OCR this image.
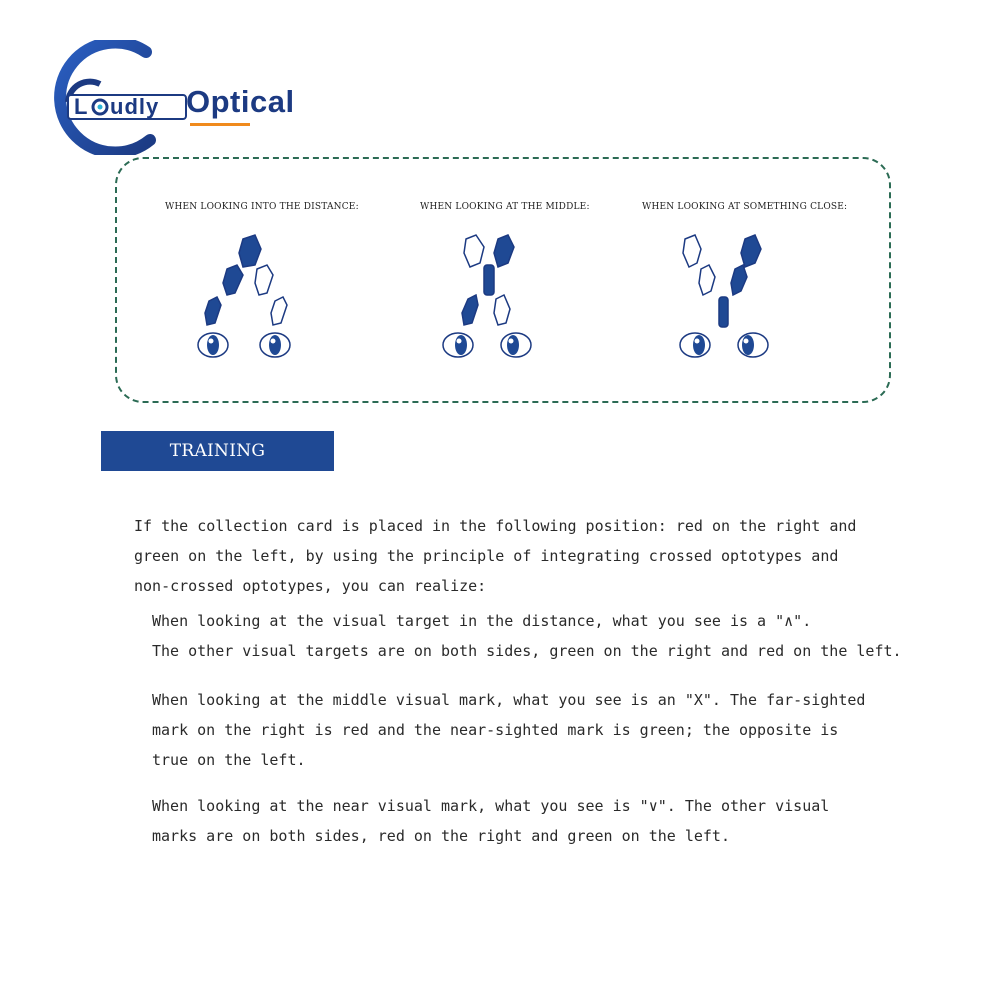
L udly Optical
WHEN LOOKING INTO THE DISTANCE:	WHEN LOOKING AT THE MIDDLE:	WHEN LOOKING AT SOMETHING CLOSE:
TRAINING PHENOMENON
If the collection card is placed in the following position: red on the right and
green on the left, by using the principle of integrating crossed optotypes and
non-crossed optotypes, you can realize:
When looking at the visual target in the distance, what you see is a "∧".
The other visual targets are on both sides, green on the right and red on the left.
When looking at the middle visual mark, what you see is an "X". The far-sighted
mark on the right is red and the near-sighted mark is green; the opposite is
true on the left.
When looking at the near visual mark, what you see is "∨". The other visual
marks are on both sides, red on the right and green on the left.
